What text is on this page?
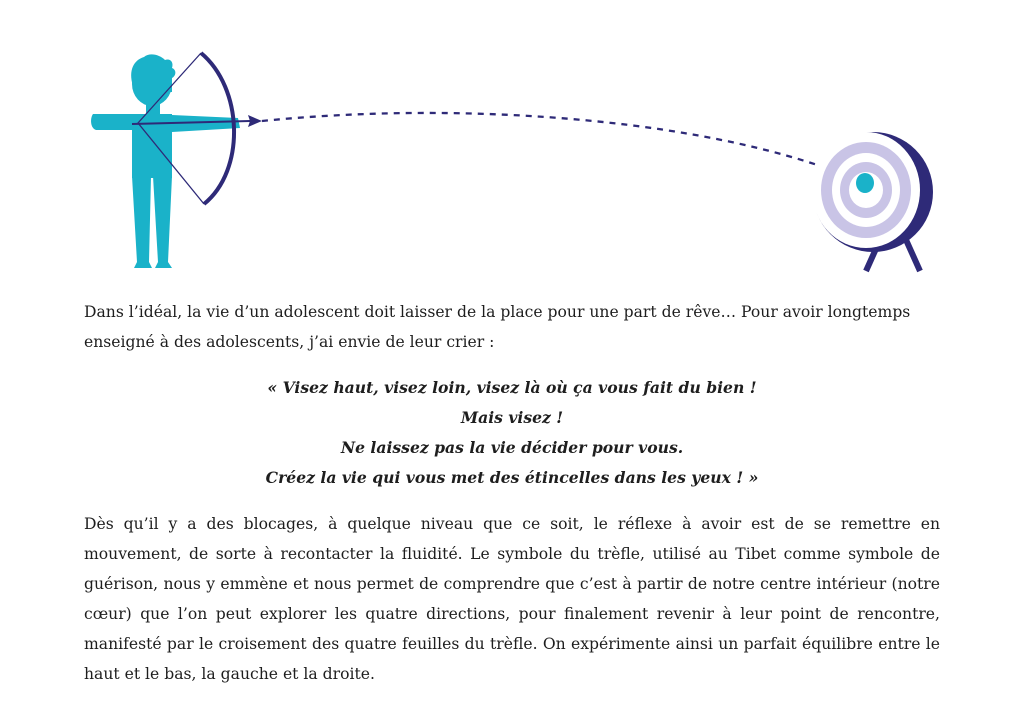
Dans l’idéal, la vie d’un adolescent doit laisser de la place pour une part de rêve… Pour avoir longtemps enseigné à des adolescents, j’ai envie de leur crier :

« Visez haut, visez loin, visez là où ça vous fait du bien !
Mais visez !
Ne laissez pas la vie décider pour vous.
Créez la vie qui vous met des étincelles dans les yeux ! »

Dès qu’il y a des blocages, à quelque niveau que ce soit, le réflexe à avoir est de se remettre en mouvement, de sorte à recontacter la fluidité. Le symbole du trèfle, utilisé au Tibet comme symbole de guérison, nous y emmène et nous permet de comprendre que c’est à partir de notre centre intérieur (notre cœur) que l’on peut explorer les quatre directions, pour finalement revenir à leur point de rencontre, manifesté par le croisement des quatre feuilles du trèfle. On expérimente ainsi un parfait équilibre entre le haut et le bas, la gauche et la droite.
